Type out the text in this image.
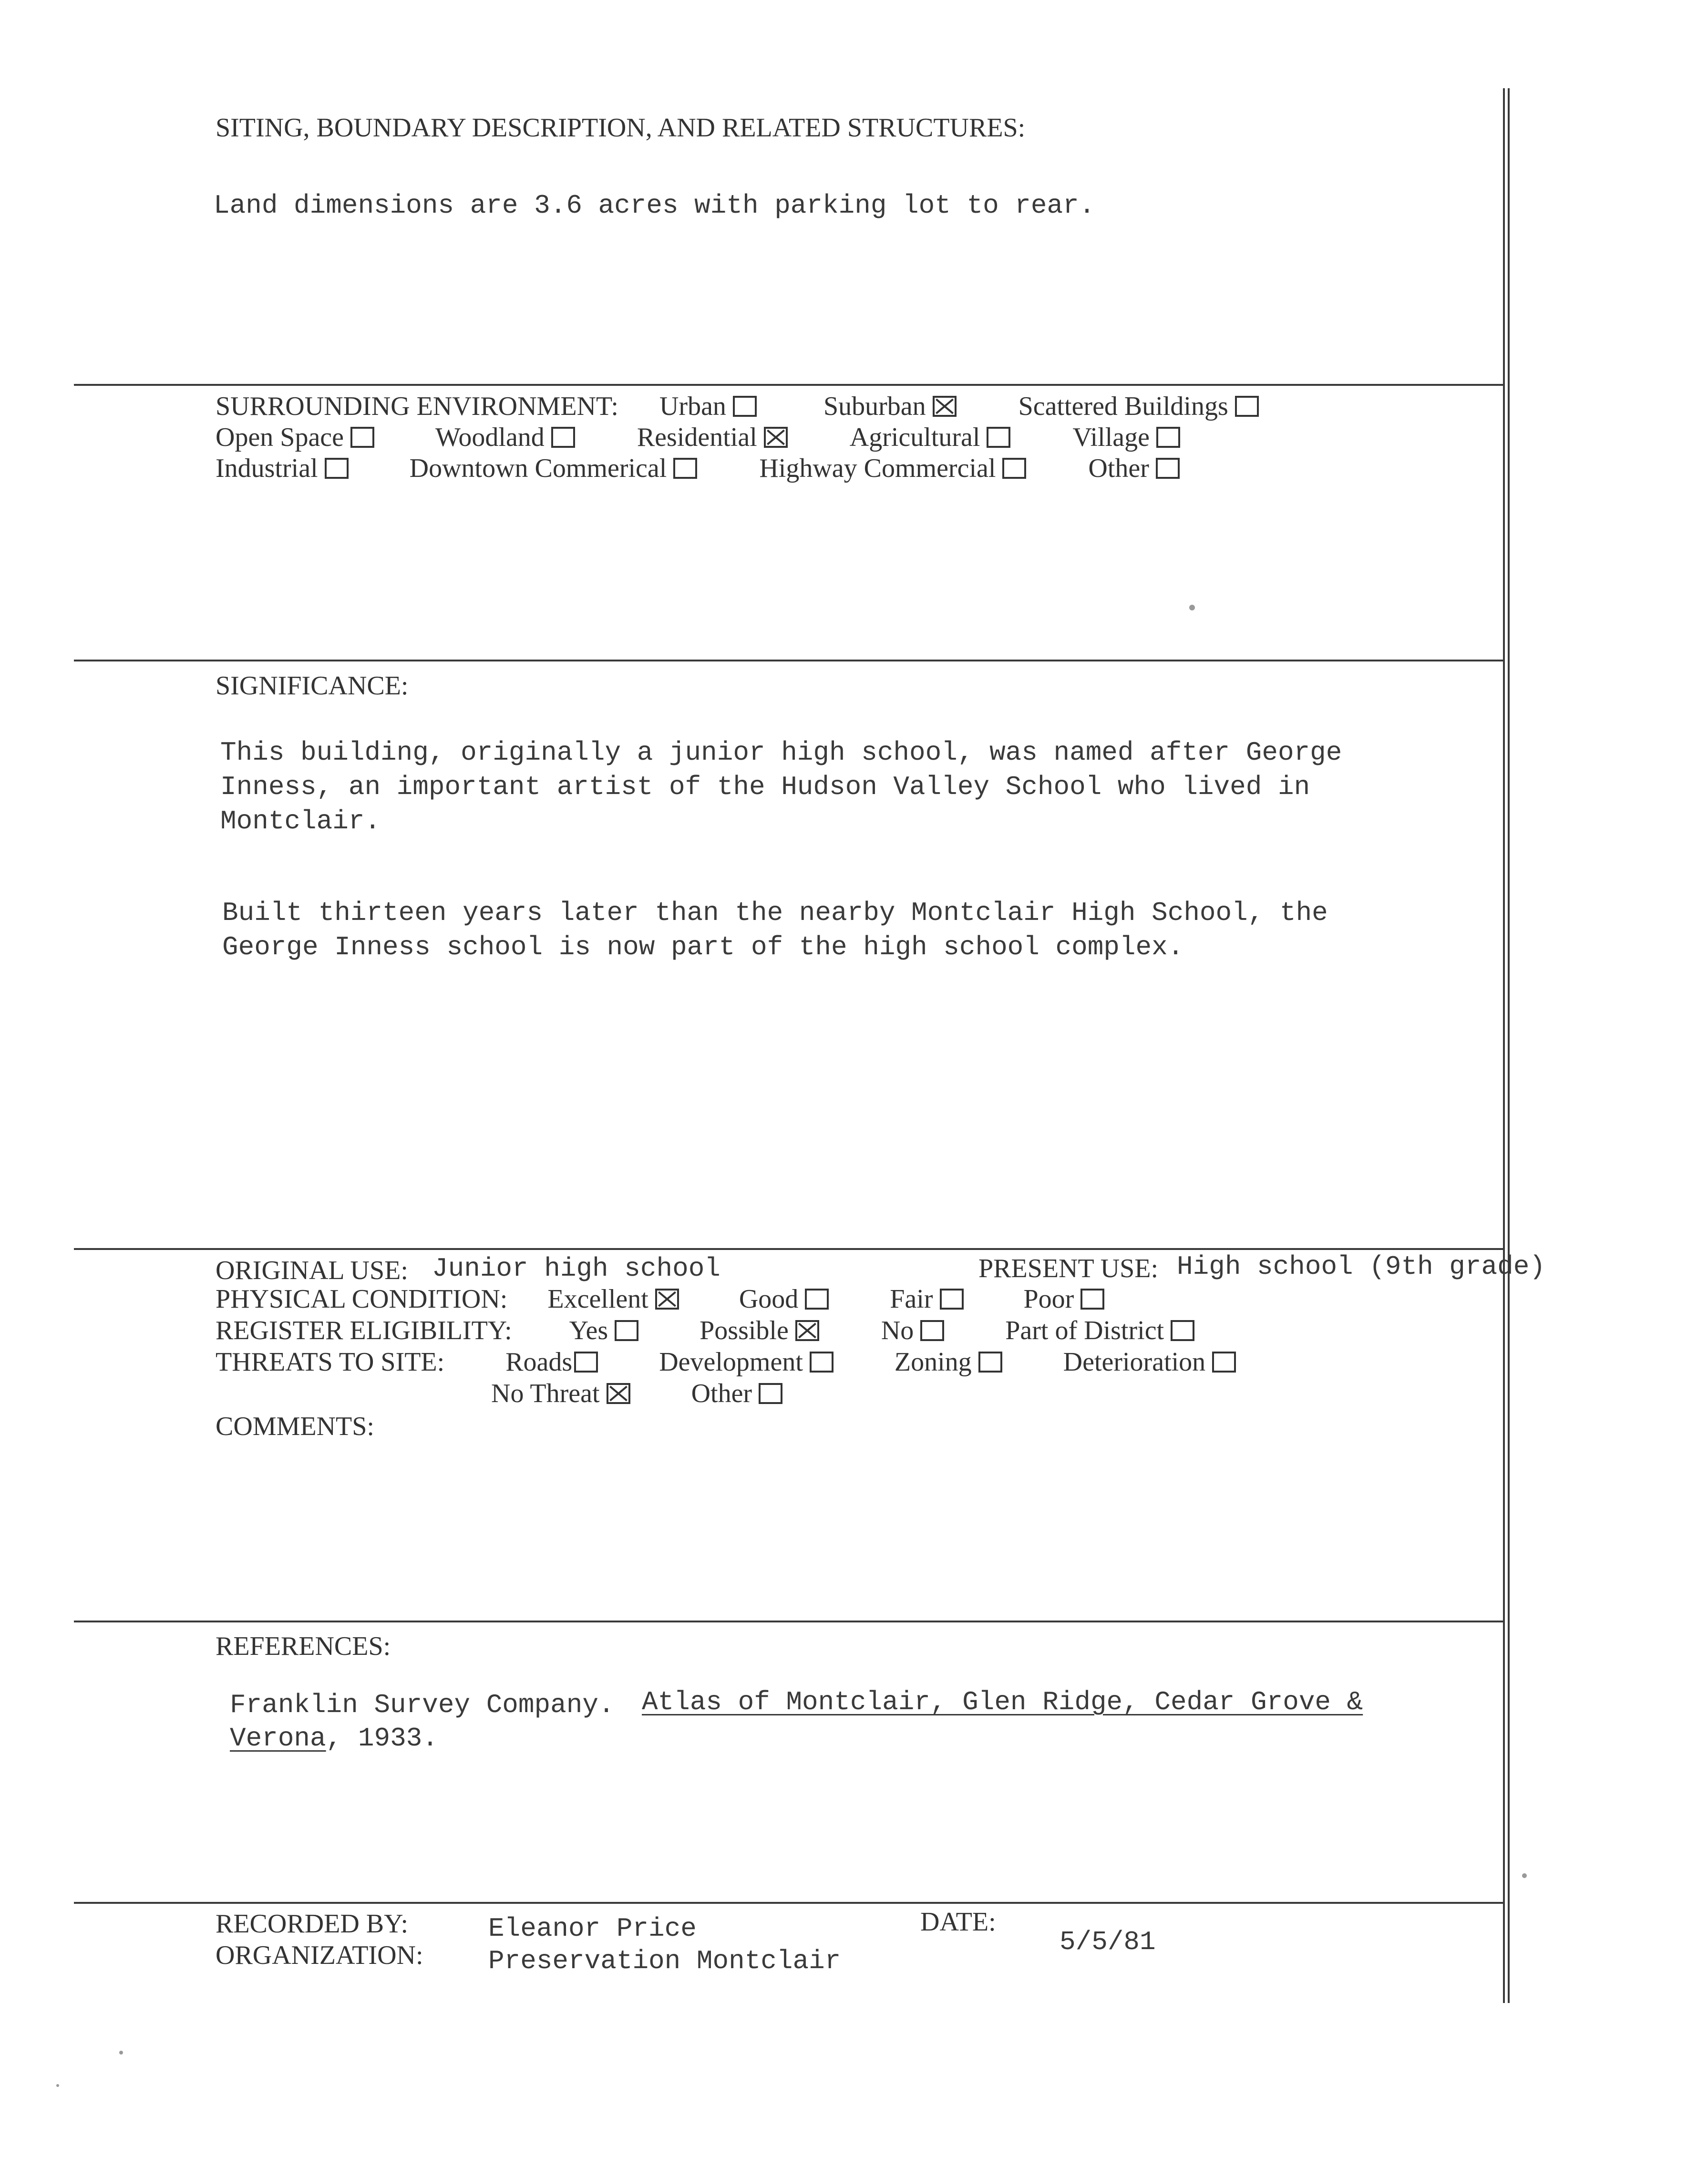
SITING, BOUNDARY DESCRIPTION, AND RELATED STRUCTURES:
Land dimensions are 3.6 acres with parking lot to rear.
SURROUNDING ENVIRONMENT: Urban	Suburban	Scattered Buildings
Open Space	Woodland	Residential	Agricultural	Village
Industrial	Downtown Commerical	Highway Commercial	Other
SIGNIFICANCE:
This building, originally a junior high school, was named after George
Inness, an important artist of the Hudson Valley School who lived in
Montclair.
Built thirteen years later than the nearby Montclair High School, the
George Inness school is now part of the high school complex.
ORIGINAL USE: Junior high school	PRESENT USE: High school (9th grade)
PHYSICAL CONDITION: Excellent	Good	Fair	Poor
REGISTER ELIGIBILITY: Yes	Possible	No	Part of District
THREATS TO SITE: Roads	Development	Zoning	Deterioration
No Threat	Other
COMMENTS:
REFERENCES:
Franklin Survey Company. Atlas of Montclair, Glen Ridge, Cedar Grove &
Verona, 1933.
RECORDED BY:	Eleanor Price
ORGANIZATION: Preservation Montclair
DATE:
5/5/81
